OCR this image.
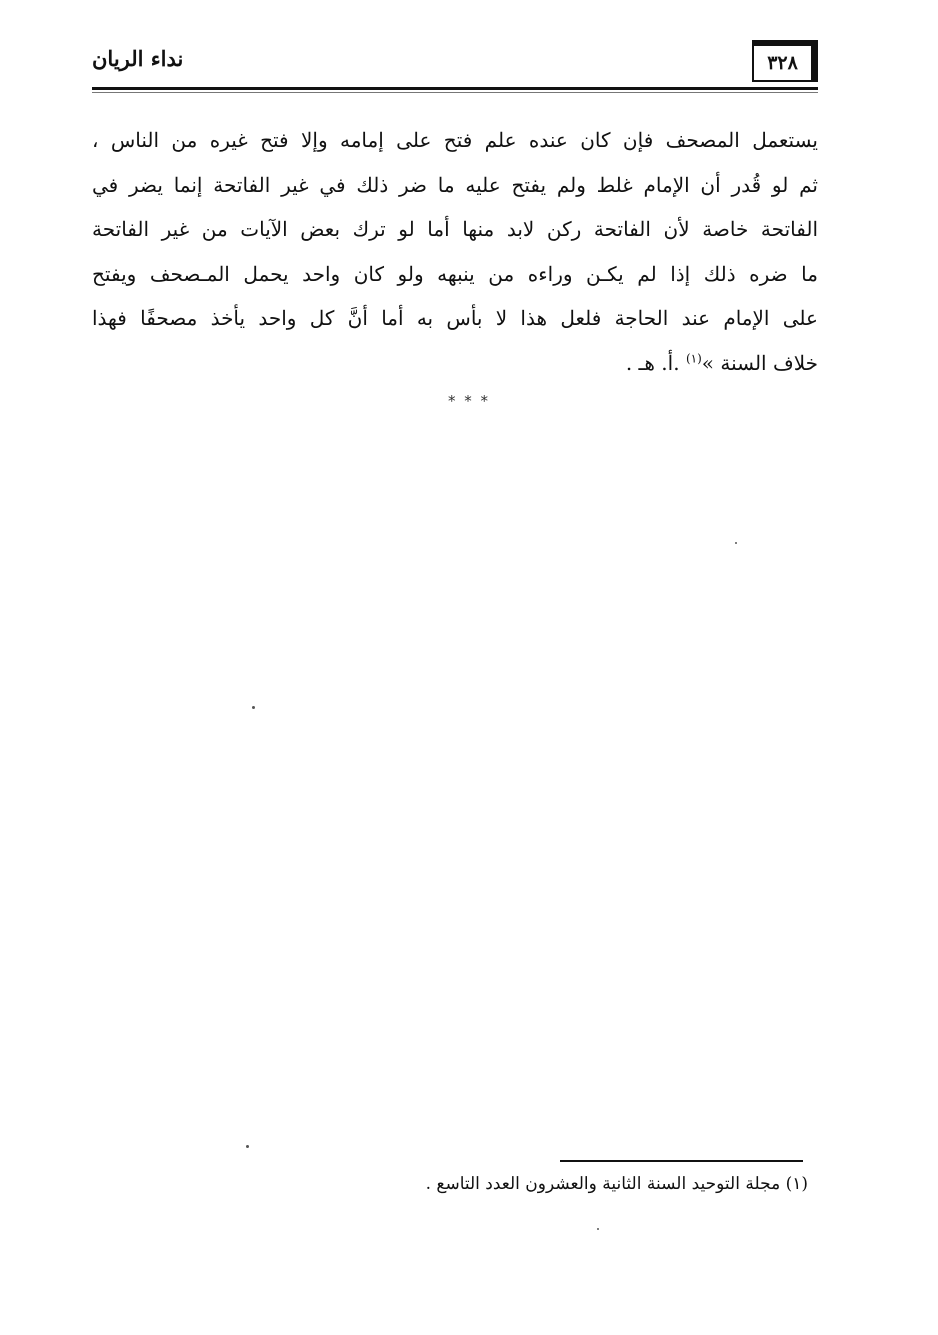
نداء الريان	٣٢٨
يستعمل المصحف فإن كان عنده علم فتح على إمامه وإلا فتح غيره من الناس ،
ثم لو قُدر أن الإمام غلط ولم يفتح عليه ما ضر ذلك في غير الفاتحة إنما يضر في
الفاتحة خاصة لأن الفاتحة ركن لابد منها أما لو ترك بعض الآيات من غير الفاتحة
ما ضره ذلك إذا لم يكـن وراءه من ينبهه ولو كان واحد يحمل المـصحف ويفتح
على الإمام عند الحاجة فلعل هذا لا بأس به أما أنَّ كل واحد يأخذ مصحفًا فهذا
خلاف السنة »$^{(١)}$ .أ. هـ .
* * *
(١) مجلة التوحيد السنة الثانية والعشرون العدد التاسع .
